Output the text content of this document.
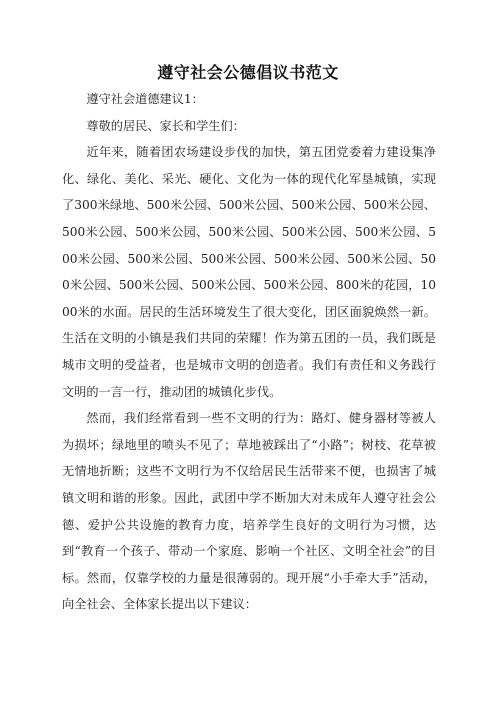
遵守社会公德倡议书范文

遵守社会道德建议1：

尊敬的居民、家长和学生们：

近年来，随着团农场建设步伐的加快，第五团党委着力建设集净化、绿化、美化、采光、硬化、文化为一体的现代化军垦城镇，实现了300米绿地、500米公园、500米公园、500米公园、500米公园、500米公园、500米公园、500米公园、500米公园、500米公园、500米公园、500米公园、500米公园、500米公园、500米公园、500米公园、500米公园、500米公园、500米公园、800米的花园，1000米的水面。居民的生活环境发生了很大变化，团区面貌焕然一新。生活在文明的小镇是我们共同的荣耀！作为第五团的一员，我们既是城市文明的受益者，也是城市文明的创造者。我们有责任和义务践行文明的一言一行，推动团的城镇化步伐。

然而，我们经常看到一些不文明的行为：路灯、健身器材等被人为损坏；绿地里的喷头不见了；草地被踩出了“小路”；树枝、花草被无情地折断；这些不文明行为不仅给居民生活带来不便，也损害了城镇文明和谐的形象。因此，武团中学不断加大对未成年人遵守社会公德、爱护公共设施的教育力度，培养学生良好的文明行为习惯，达到“教育一个孩子、带动一个家庭、影响一个社区、文明全社会”的目标。然而，仅靠学校的力量是很薄弱的。现开展“小手牵大手”活动，向全社会、全体家长提出以下建议：
